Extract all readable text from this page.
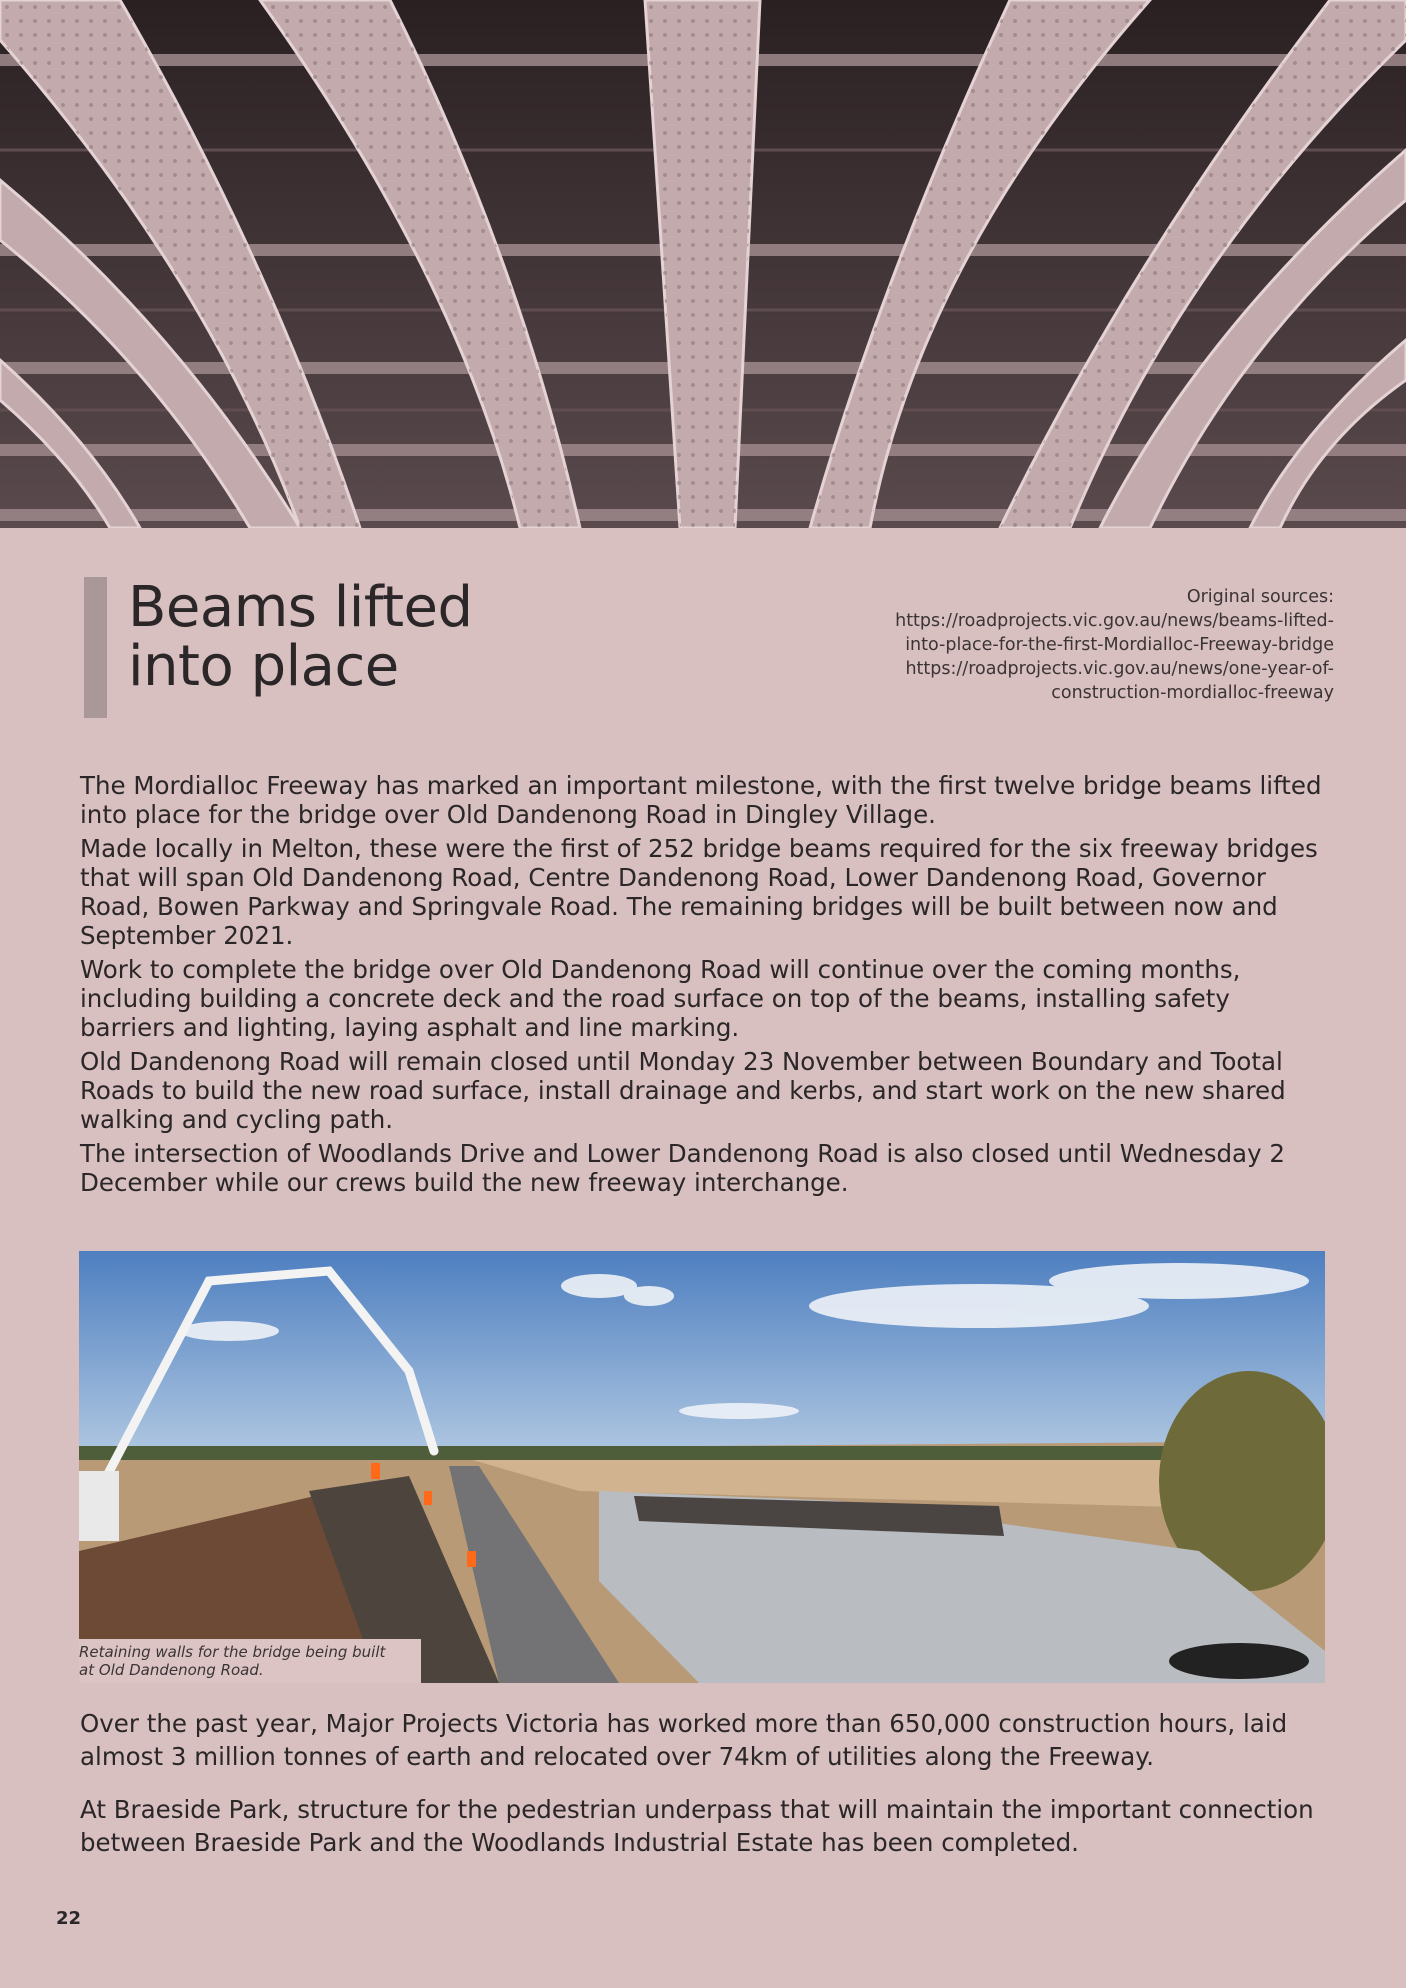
Beams lifted
into place
Original sources:
https://roadprojects.vic.gov.au/news/beams-lifted-
into-place-for-the-first-Mordialloc-Freeway-bridge
https://roadprojects.vic.gov.au/news/one-year-of-
construction-mordialloc-freeway

The Mordialloc Freeway has marked an important milestone, with the first twelve bridge beams lifted into place for the bridge over Old Dandenong Road in Dingley Village.

Made locally in Melton, these were the first of 252 bridge beams required for the six freeway bridges that will span Old Dandenong Road, Centre Dandenong Road, Lower Dandenong Road, Governor Road, Bowen Parkway and Springvale Road. The remaining bridges will be built between now and September 2021.

Work to complete the bridge over Old Dandenong Road will continue over the coming months, including building a concrete deck and the road surface on top of the beams, installing safety barriers and lighting, laying asphalt and line marking.

Old Dandenong Road will remain closed until Monday 23 November between Boundary and Tootal Roads to build the new road surface, install drainage and kerbs, and start work on the new shared walking and cycling path.

The intersection of Woodlands Drive and Lower Dandenong Road is also closed until Wednesday 2 December while our crews build the new freeway interchange.

Retaining walls for the bridge being built
at Old Dandenong Road.

Over the past year, Major Projects Victoria has worked more than 650,000 construction hours, laid almost 3 million tonnes of earth and relocated over 74km of utilities along the Freeway.

At Braeside Park, structure for the pedestrian underpass that will maintain the important connection between Braeside Park and the Woodlands Industrial Estate has been completed.

22
